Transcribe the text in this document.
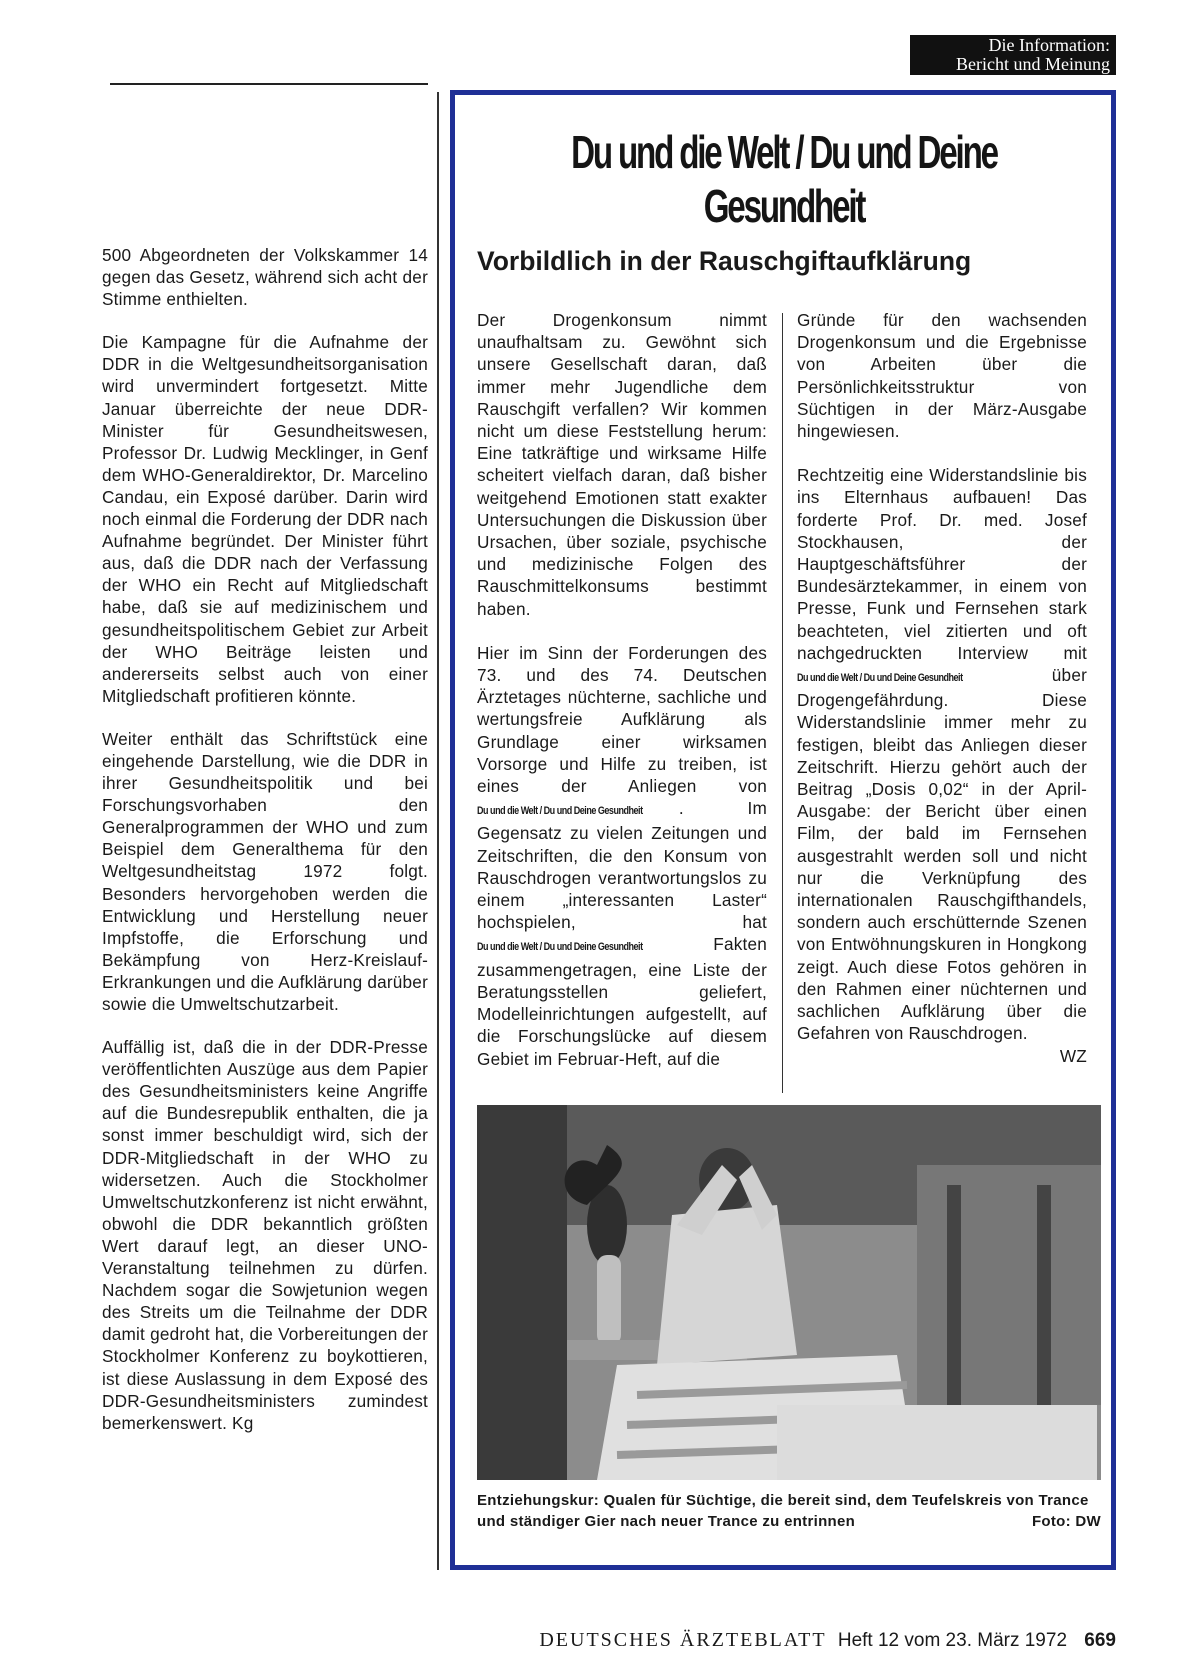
Die Information:
Bericht und Meinung

500 Abgeordneten der Volkskammer 14 gegen das Gesetz, während sich acht der Stimme enthielten.

Die Kampagne für die Aufnahme der DDR in die Weltgesundheitsorganisation wird unvermindert fortgesetzt. Mitte Januar überreichte der neue DDR-Minister für Gesundheitswesen, Professor Dr. Ludwig Mecklinger, in Genf dem WHO-Generaldirektor, Dr. Marcelino Candau, ein Exposé darüber. Darin wird noch einmal die Forderung der DDR nach Aufnahme begründet. Der Minister führt aus, daß die DDR nach der Verfassung der WHO ein Recht auf Mitgliedschaft habe, daß sie auf medizinischem und gesundheitspolitischem Gebiet zur Arbeit der WHO Beiträge leisten und andererseits selbst auch von einer Mitgliedschaft profitieren könnte.

Weiter enthält das Schriftstück eine eingehende Darstellung, wie die DDR in ihrer Gesundheitspolitik und bei Forschungsvorhaben den Generalprogrammen der WHO und zum Beispiel dem Generalthema für den Weltgesundheitstag 1972 folgt. Besonders hervorgehoben werden die Entwicklung und Herstellung neuer Impfstoffe, die Erforschung und Bekämpfung von Herz-Kreislauf-Erkrankungen und die Aufklärung darüber sowie die Umweltschutzarbeit.

Auffällig ist, daß die in der DDR-Presse veröffentlichten Auszüge aus dem Papier des Gesundheitsministers keine Angriffe auf die Bundesrepublik enthalten, die ja sonst immer beschuldigt wird, sich der DDR-Mitgliedschaft in der WHO zu widersetzen. Auch die Stockholmer Umweltschutzkonferenz ist nicht erwähnt, obwohl die DDR bekanntlich größten Wert darauf legt, an dieser UNO-Veranstaltung teilnehmen zu dürfen. Nachdem sogar die Sowjetunion wegen des Streits um die Teilnahme der DDR damit gedroht hat, die Vorbereitungen der Stockholmer Konferenz zu boykottieren, ist diese Auslassung in dem Exposé des DDR-Gesundheitsministers zumindest bemerkenswert. Kg

Du und die Welt / Du und Deine Gesundheit
Vorbildlich in der Rauschgiftaufklärung

Der Drogenkonsum nimmt unaufhaltsam zu. Gewöhnt sich unsere Gesellschaft daran, daß immer mehr Jugendliche dem Rauschgift verfallen? Wir kommen nicht um diese Feststellung herum: Eine tatkräftige und wirksame Hilfe scheitert vielfach daran, daß bisher weitgehend Emotionen statt exakter Untersuchungen die Diskussion über Ursachen, über soziale, psychische und medizinische Folgen des Rauschmittelkonsums bestimmt haben.

Hier im Sinn der Forderungen des 73. und des 74. Deutschen Ärztetages nüchterne, sachliche und wertungsfreie Aufklärung als Grundlage einer wirksamen Vorsorge und Hilfe zu treiben, ist eines der Anliegen von Du und die Welt / Du und Deine Gesundheit . Im Gegensatz zu vielen Zeitungen und Zeitschriften, die den Konsum von Rauschdrogen verantwortungslos zu einem „interessanten Laster“ hochspielen, hat Du und die Welt / Du und Deine Gesundheit	Fakten zusammengetragen, eine Liste der Beratungsstellen geliefert, Modelleinrichtungen aufgestellt, auf die Forschungslücke auf diesem Gebiet im Februar-Heft, auf die

Gründe für den wachsenden Drogenkonsum und die Ergebnisse von Arbeiten über die Persönlichkeitsstruktur von Süchtigen in der März-Ausgabe hingewiesen.

Rechtzeitig eine Widerstandslinie bis ins Elternhaus aufbauen! Das forderte Prof. Dr. med. Josef Stockhausen, der Hauptgeschäftsführer der Bundesärztekammer, in einem von Presse, Funk und Fernsehen stark beachteten, viel zitierten und oft nachgedruckten Interview mit Du und die Welt / Du und Deine Gesundheit	über Drogengefährdung. Diese Widerstandslinie immer mehr zu festigen, bleibt das Anliegen dieser Zeitschrift. Hierzu gehört auch der Beitrag „Dosis 0,02“ in der April-Ausgabe: der Bericht über einen Film, der bald im Fernsehen ausgestrahlt werden soll und nicht nur die Verknüpfung des internationalen Rauschgifthandels, sondern auch erschütternde Szenen von Entwöhnungskuren in Hongkong zeigt. Auch diese Fotos gehören in den Rahmen einer nüchternen und sachlichen Aufklärung über die Gefahren von Rauschdrogen.
WZ

Entziehungskur: Qualen für Süchtige, die bereit sind, dem Teufelskreis von Trance und ständiger Gier nach neuer Trance zu entrinnen	Foto: DW
DEUTSCHES ÄRZTEBLATT Heft 12 vom 23. März 1972 669
